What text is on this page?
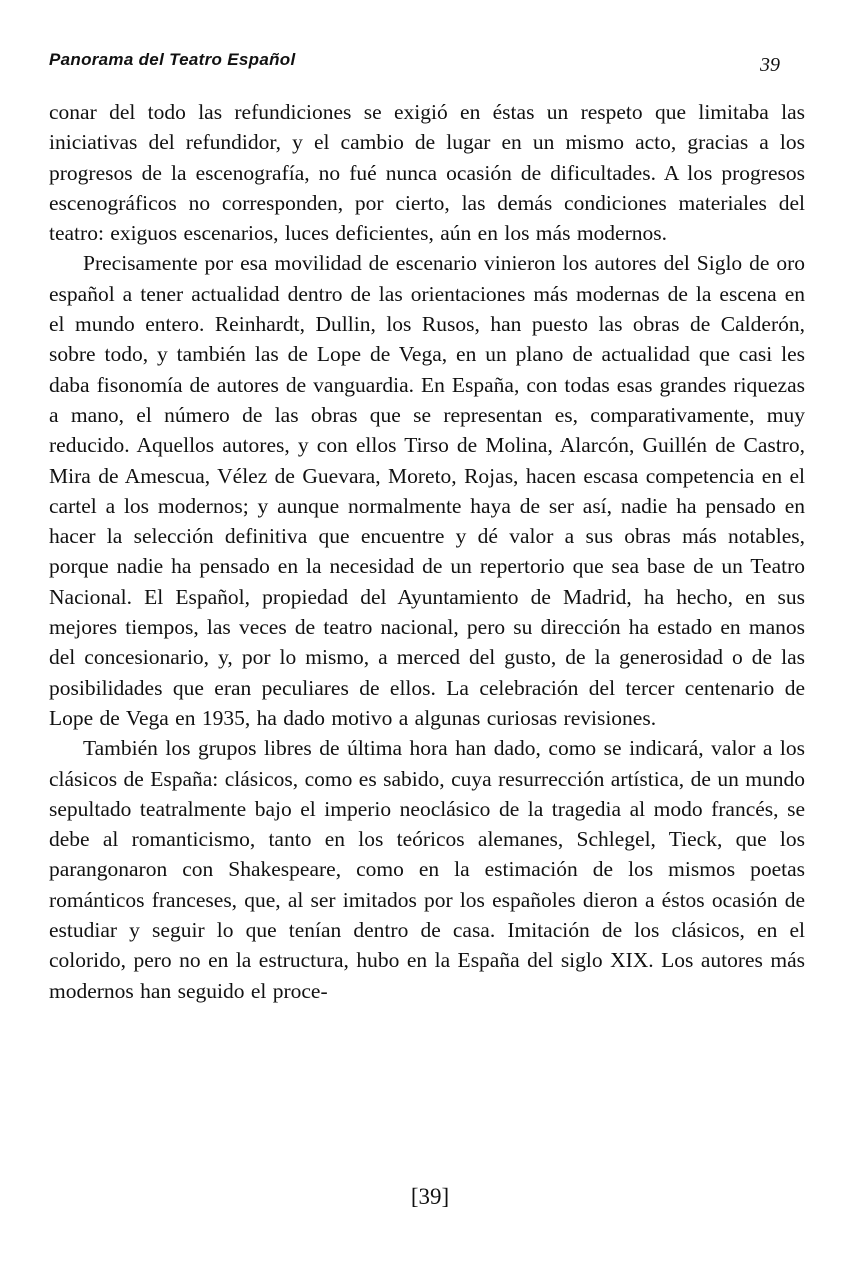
Panorama del Teatro Español	39

conar del todo las refundiciones se exigió en éstas un respeto que limitaba las iniciativas del refundidor, y el cambio de lugar en un mismo acto, gracias a los progresos de la escenografía, no fué nunca ocasión de dificultades. A los progresos escenográficos no corresponden, por cierto, las demás condiciones materiales del teatro: exiguos escenarios, luces deficientes, aún en los más modernos.

Precisamente por esa movilidad de escenario vinieron los autores del Siglo de oro español a tener actualidad dentro de las orientaciones más modernas de la escena en el mundo entero. Reinhardt, Dullin, los Rusos, han puesto las obras de Calderón, sobre todo, y también las de Lope de Vega, en un plano de actualidad que casi les daba fisonomía de autores de vanguardia. En España, con todas esas grandes riquezas a mano, el número de las obras que se representan es, comparativamente, muy reducido. Aquellos autores, y con ellos Tirso de Molina, Alarcón, Guillén de Castro, Mira de Amescua, Vélez de Guevara, Moreto, Rojas, hacen escasa competencia en el cartel a los modernos; y aunque normalmente haya de ser así, nadie ha pensado en hacer la selección definitiva que encuentre y dé valor a sus obras más notables, porque nadie ha pensado en la necesidad de un repertorio que sea base de un Teatro Nacional. El Español, propiedad del Ayuntamiento de Madrid, ha hecho, en sus mejores tiempos, las veces de teatro nacional, pero su dirección ha estado en manos del concesionario, y, por lo mismo, a merced del gusto, de la generosidad o de las posibilidades que eran peculiares de ellos. La celebración del tercer centenario de Lope de Vega en 1935, ha dado motivo a algunas curiosas revisiones.

También los grupos libres de última hora han dado, como se indicará, valor a los clásicos de España: clásicos, como es sabido, cuya resurrección artística, de un mundo sepultado teatralmente bajo el imperio neoclásico de la tragedia al modo francés, se debe al romanticismo, tanto en los teóricos alemanes, Schlegel, Tieck, que los parangonaron con Shakespeare, como en la estimación de los mismos poetas románticos franceses, que, al ser imitados por los españoles dieron a éstos ocasión de estudiar y seguir lo que tenían dentro de casa. Imitación de los clásicos, en el colorido, pero no en la estructura, hubo en la España del siglo XIX. Los autores más modernos han seguido el proce-

[39]
